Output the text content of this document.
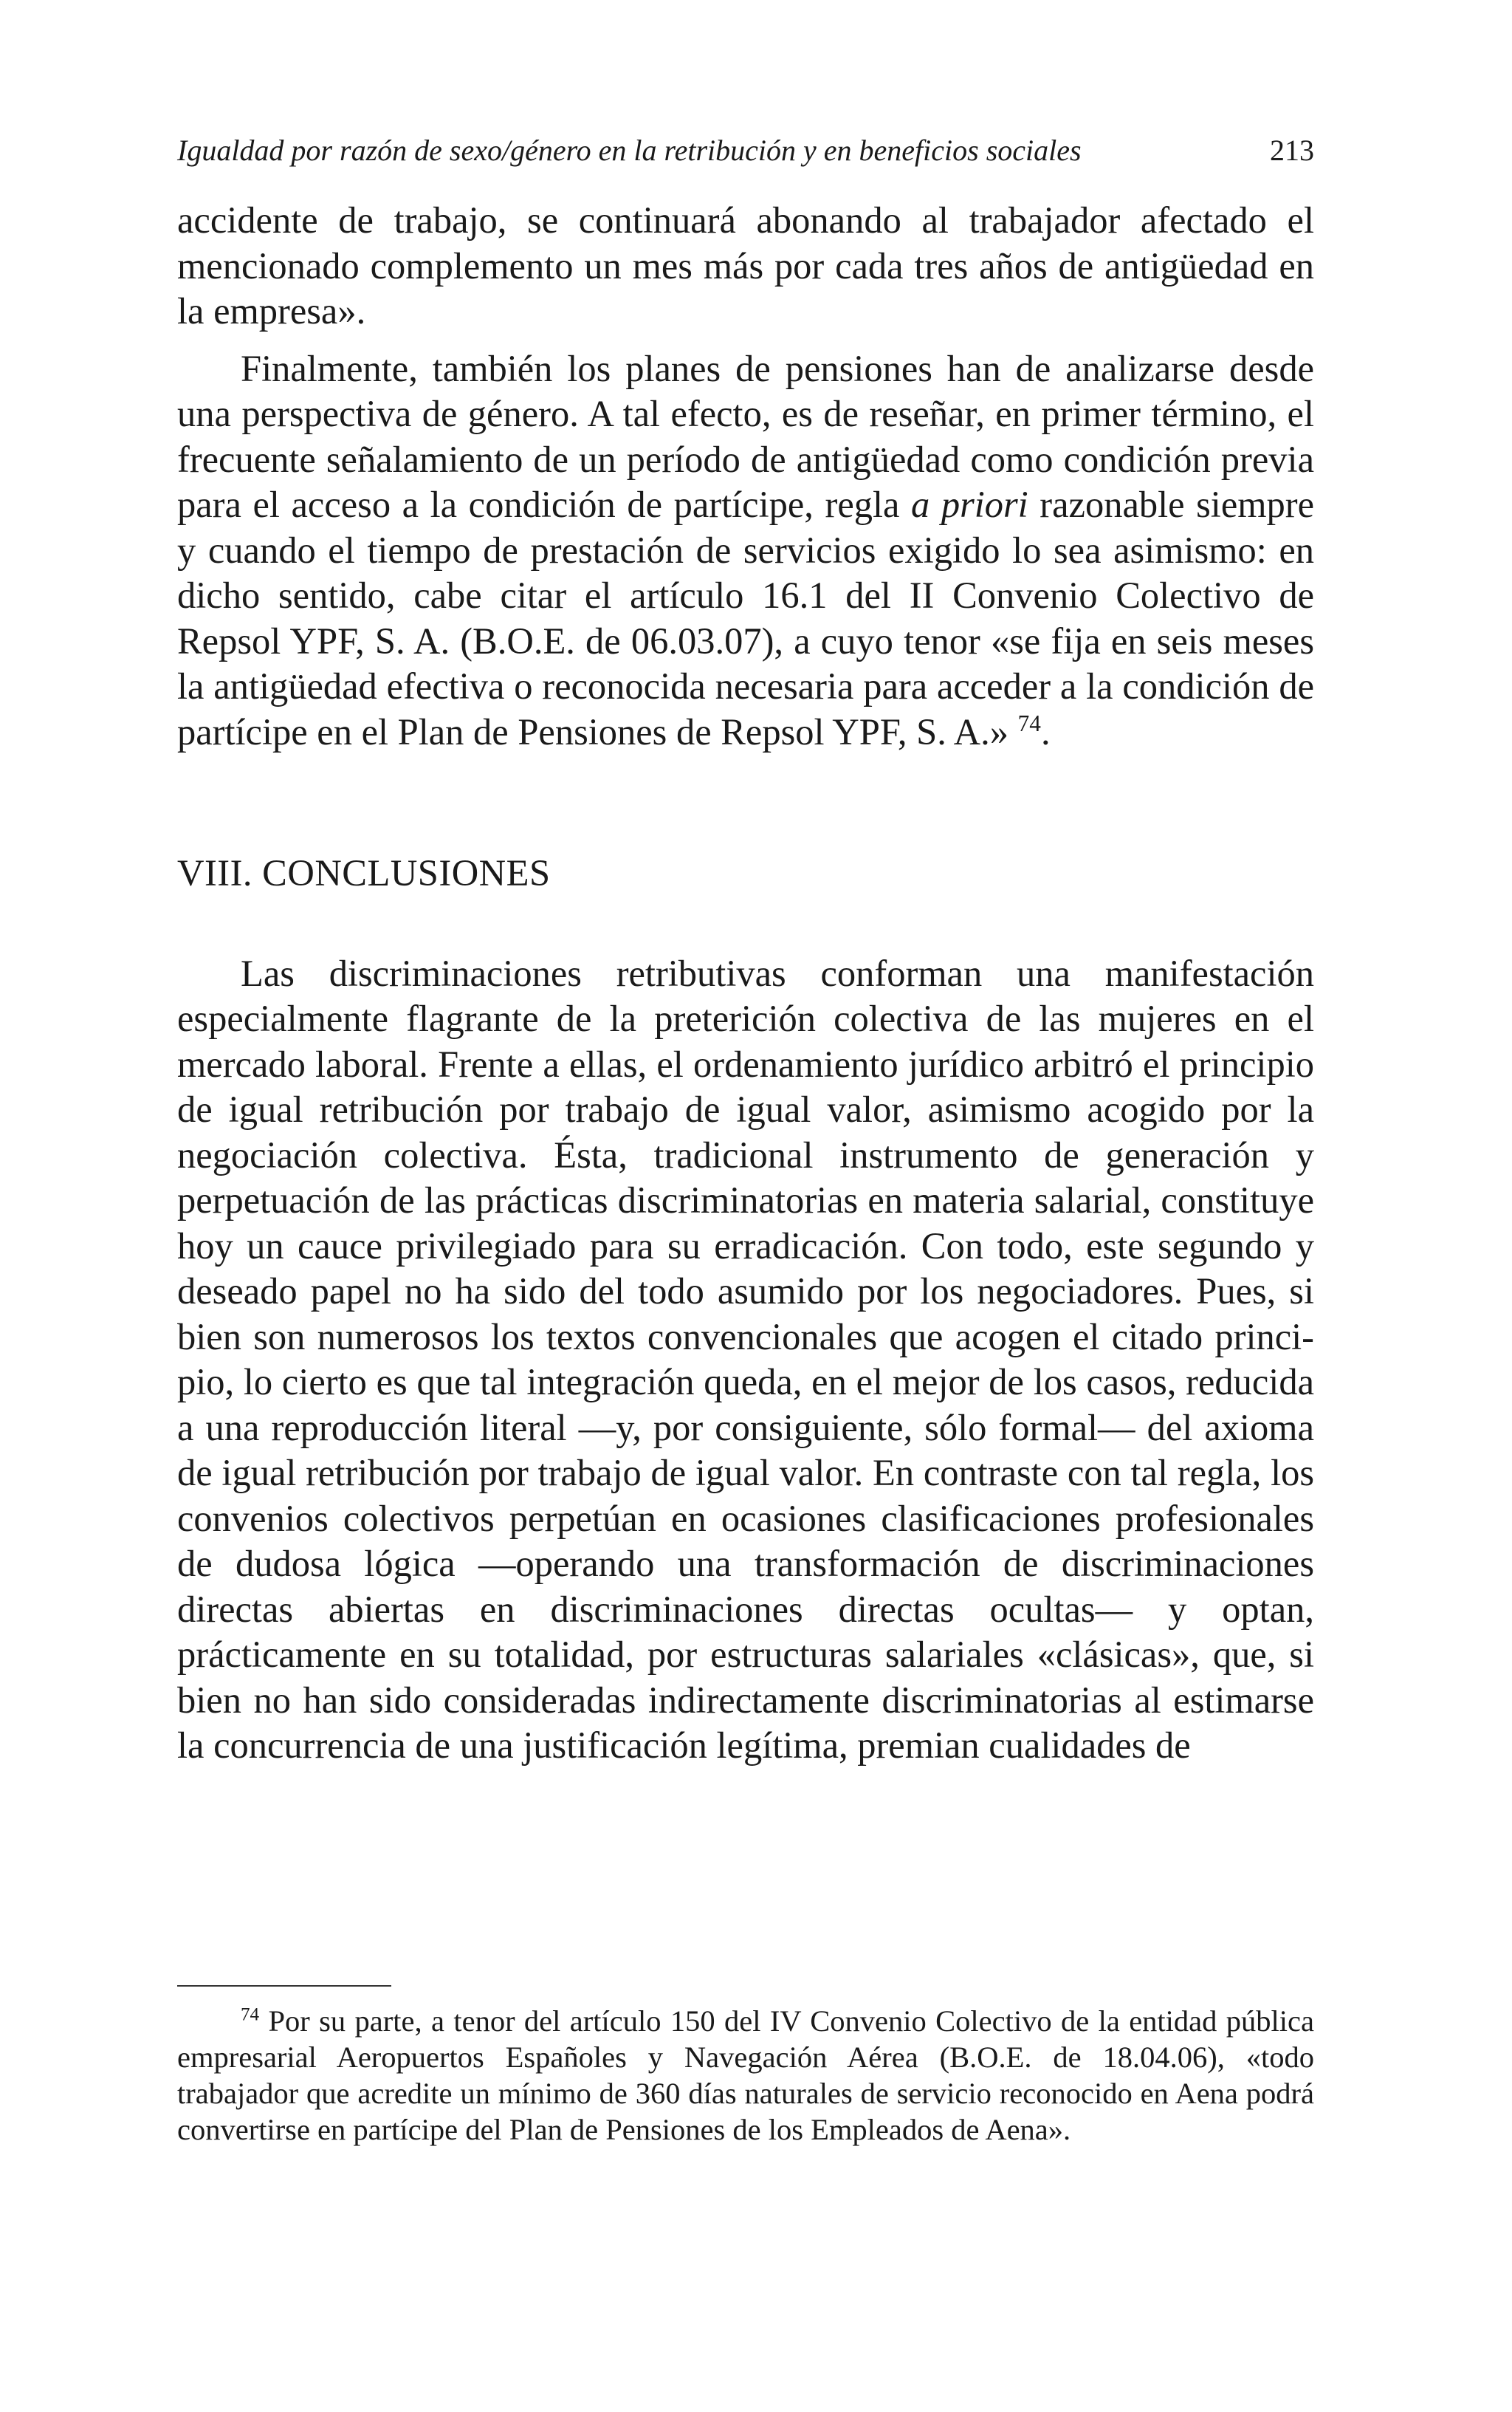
Igualdad por razón de sexo/género en la retribución y en beneficios sociales	213

accidente de trabajo, se continuará abonando al trabajador afectado el mencionado complemento un mes más por cada tres años de antigüedad en la empresa».

Finalmente, también los planes de pensiones han de analizarse desde una perspectiva de género. A tal efecto, es de reseñar, en primer término, el frecuente señalamiento de un período de antigüedad como condición previa para el acceso a la condición de partícipe, regla a priori razonable siempre y cuando el tiempo de prestación de servicios exigido lo sea asimismo: en dicho sentido, cabe citar el artículo 16.1 del II Convenio Colectivo de Repsol YPF, S. A. (B.O.E. de 06.03.07), a cuyo tenor «se fija en seis meses la antigüedad efectiva o reconocida necesaria para acceder a la condición de partícipe en el Plan de Pensiones de Repsol YPF, S. A.» $^{74}$.

VIII. CONCLUSIONES

Las discriminaciones retributivas conforman una manifestación especialmente flagrante de la preterición colectiva de las mujeres en el mercado laboral. Frente a ellas, el ordenamiento jurídico arbitró el principio de igual retribución por trabajo de igual valor, asimismo acogido por la negociación colectiva. Ésta, tradicional instrumento de generación y perpetuación de las prácticas discriminatorias en materia salarial, constituye hoy un cauce privilegiado para su erradicación. Con todo, este segundo y deseado papel no ha sido del todo asumido por los negociadores. Pues, si bien son numerosos los textos convencionales que acogen el citado principio, lo cierto es que tal integración queda, en el mejor de los casos, reducida a una reproducción literal —y, por consiguiente, sólo formal— del axioma de igual retribución por trabajo de igual valor. En contraste con tal regla, los convenios colectivos perpetúan en ocasiones clasificaciones profesionales de dudosa lógica —operando una transformación de discriminaciones directas abiertas en discriminaciones directas ocultas— y optan, prácticamente en su totalidad, por estructuras salariales «clásicas», que, si bien no han sido consideradas indirectamente discriminatorias al estimarse la concurrencia de una justificación legítima, premian cualidades de

$^{74}$ Por su parte, a tenor del artículo 150 del IV Convenio Colectivo de la entidad pública empresarial Aeropuertos Españoles y Navegación Aérea (B.O.E. de 18.04.06), «todo trabajador que acredite un mínimo de 360 días naturales de servicio reconocido en Aena podrá convertirse en partícipe del Plan de Pensiones de los Empleados de Aena».
